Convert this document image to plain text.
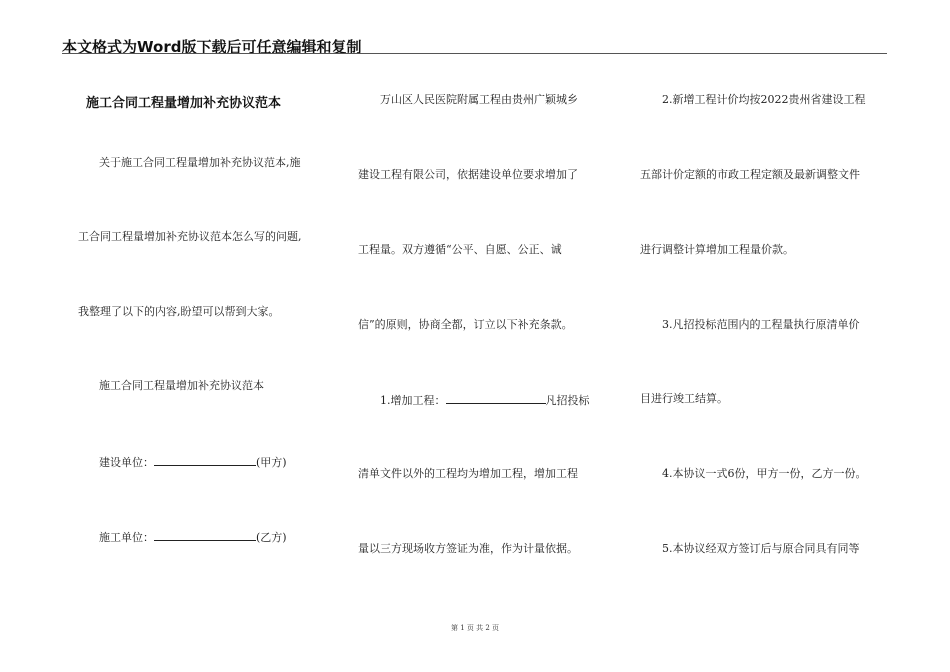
本文格式为Word版下载后可任意编辑和复制
施工合同工程量增加补充协议范本
关于施工合同工程量增加补充协议范本,施
工合同工程量增加补充协议范本怎么写的问题,
我整理了以下的内容,盼望可以帮到大家。
施工合同工程量增加补充协议范本
建设单位：	(甲方)
施工单位：	(乙方)
万山区人民医院附属工程由贵州广颖城乡
建设工程有限公司，依据建设单位要求增加了
工程量。双方遵循“公平、自愿、公正、诚
信”的原则，协商全都，订立以下补充条款。
1.增加工程：	凡招投标
清单文件以外的工程均为增加工程，增加工程
量以三方现场收方签证为准，作为计量依据。
2.新增工程计价均按2022贵州省建设工程
五部计价定额的市政工程定额及最新调整文件
进行调整计算增加工程量价款。
3.凡招投标范围内的工程量执行原清单价
目进行竣工结算。
4.本协议一式6份，甲方一份，乙方一份。
5.本协议经双方签订后与原合同具有同等
第 1 页 共 2 页
